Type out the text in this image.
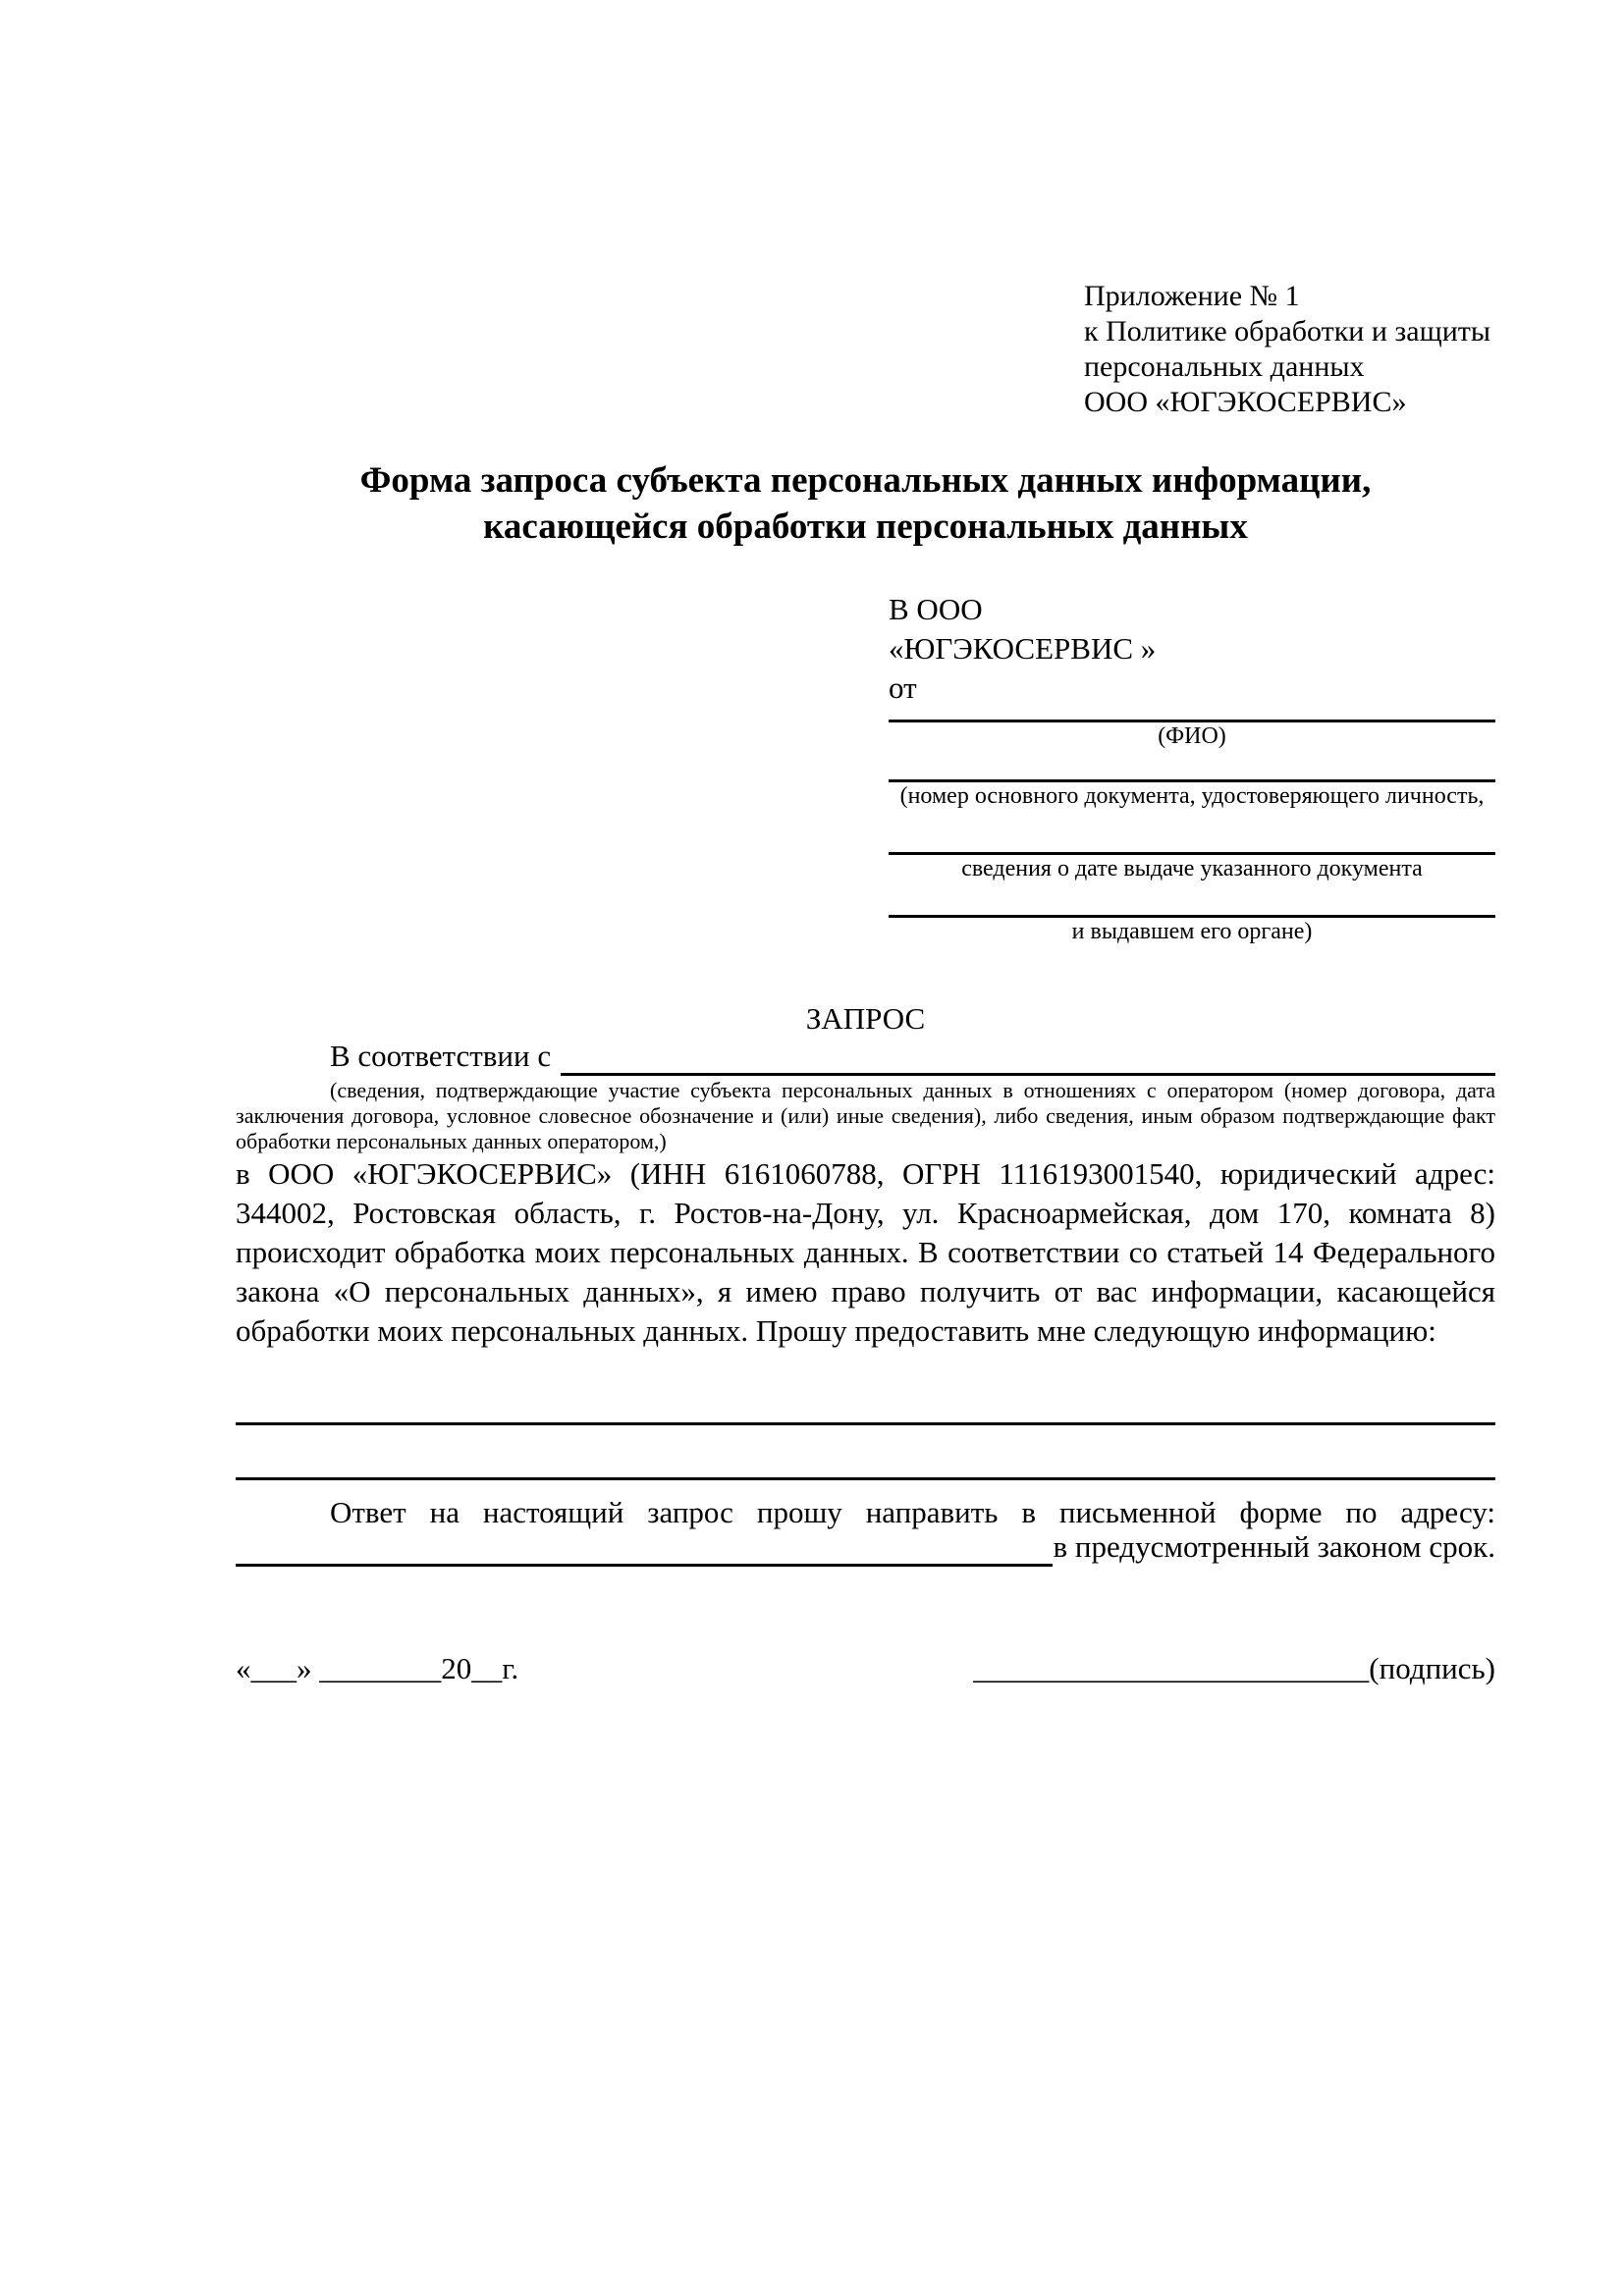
Приложение № 1
к Политике обработки и защиты
персональных данных
ООО «ЮГЭКОСЕРВИС»
Форма запроса субъекта персональных данных информации,
касающейся обработки персональных данных
В ООО
«ЮГЭКОСЕРВИС »
от
(ФИО)
(номер основного документа, удостоверяющего личность,
сведения о дате выдаче указанного документа
и выдавшем его органе)
ЗАПРОС
В соответствии с
(сведения, подтверждающие участие субъекта персональных данных в отношениях с оператором (номер договора, дата заключения договора, условное словесное обозначение и (или) иные сведения), либо сведения, иным образом подтверждающие факт обработки персональных данных оператором,)
в ООО «ЮГЭКОСЕРВИС» (ИНН 6161060788, ОГРН 1116193001540, юридический адрес: 344002, Ростовская область, г. Ростов-на-Дону, ул. Красноармейская, дом 170, комната 8) происходит обработка моих персональных данных. В соответствии со статьей 14 Федерального закона «О персональных данных», я имею право получить от вас информации, касающейся обработки моих персональных данных. Прошу предоставить мне следующую информацию:
Ответ на настоящий запрос прошу направить в письменной форме по адресу:
в предусмотренный законом срок.
«___» ________20__г.	__________________________(подпись)
